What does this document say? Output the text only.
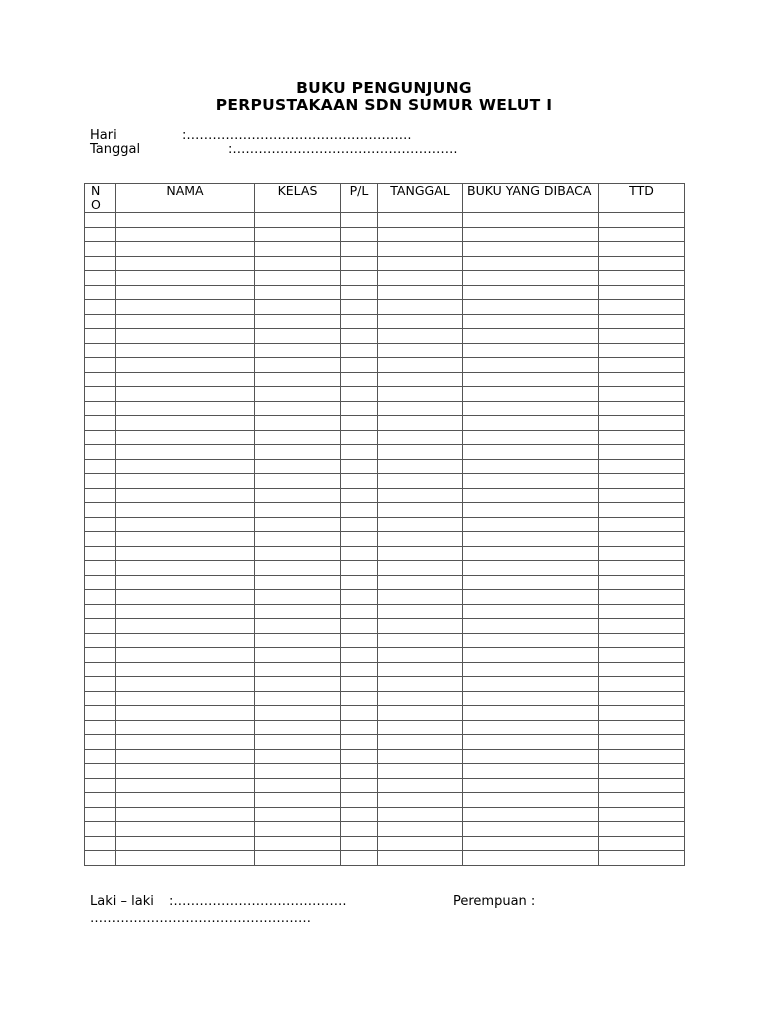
BUKU PENGUNJUNG
PERPUSTAKAAN SDN SUMUR WELUT I
Hari	:…………………………………………….
Tanggal	:…………………………………………….
N O	NAMA	KELAS	P/L	TANGGAL	BUKU YANG DIBACA	TTD

Laki – laki :………………………………….	Perempuan :
……………………………………………
